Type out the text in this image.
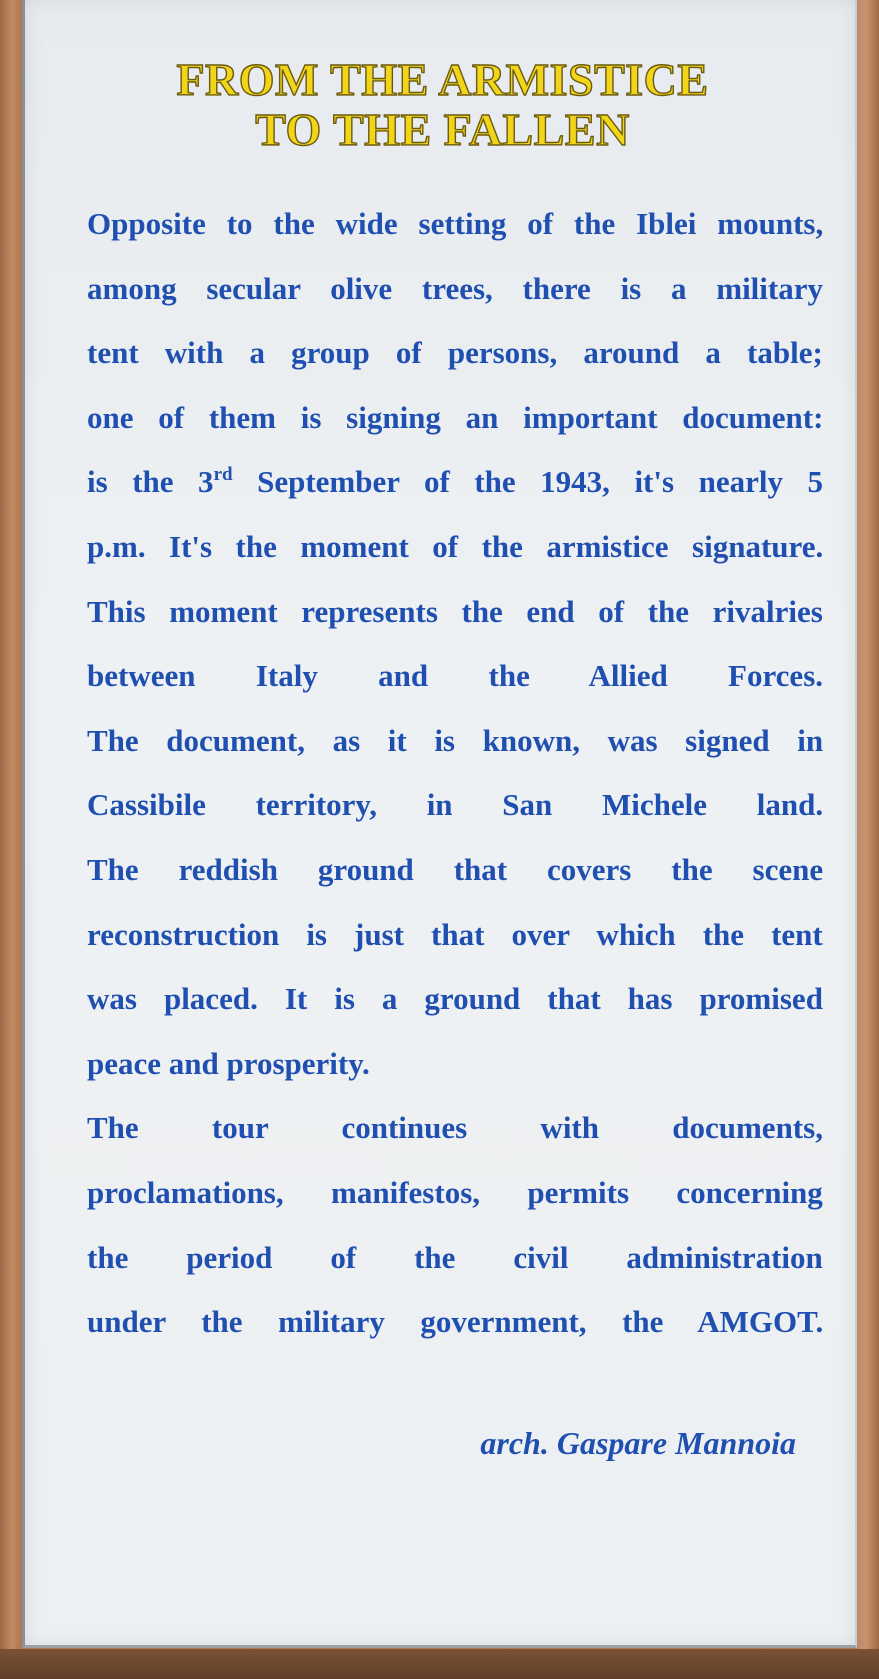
FROM THE ARMISTICE
TO THE FALLEN
Opposite to the wide setting of the Iblei mounts,
among secular olive trees, there is a military
tent with a group of persons, around a table;
one of them is signing an important document:
is the 3rd September of the 1943, it's nearly 5
p.m. It's the moment of the armistice signature.
This moment represents the end of the rivalries
between Italy and the Allied Forces.
The document, as it is known, was signed in
Cassibile territory, in San Michele land.
The reddish ground that covers the scene
reconstruction is just that over which the tent
was placed. It is a ground that has promised
peace and prosperity.
The tour continues with documents,
proclamations, manifestos, permits concerning
the period of the civil administration
under the military government, the AMGOT.
arch. Gaspare Mannoia
